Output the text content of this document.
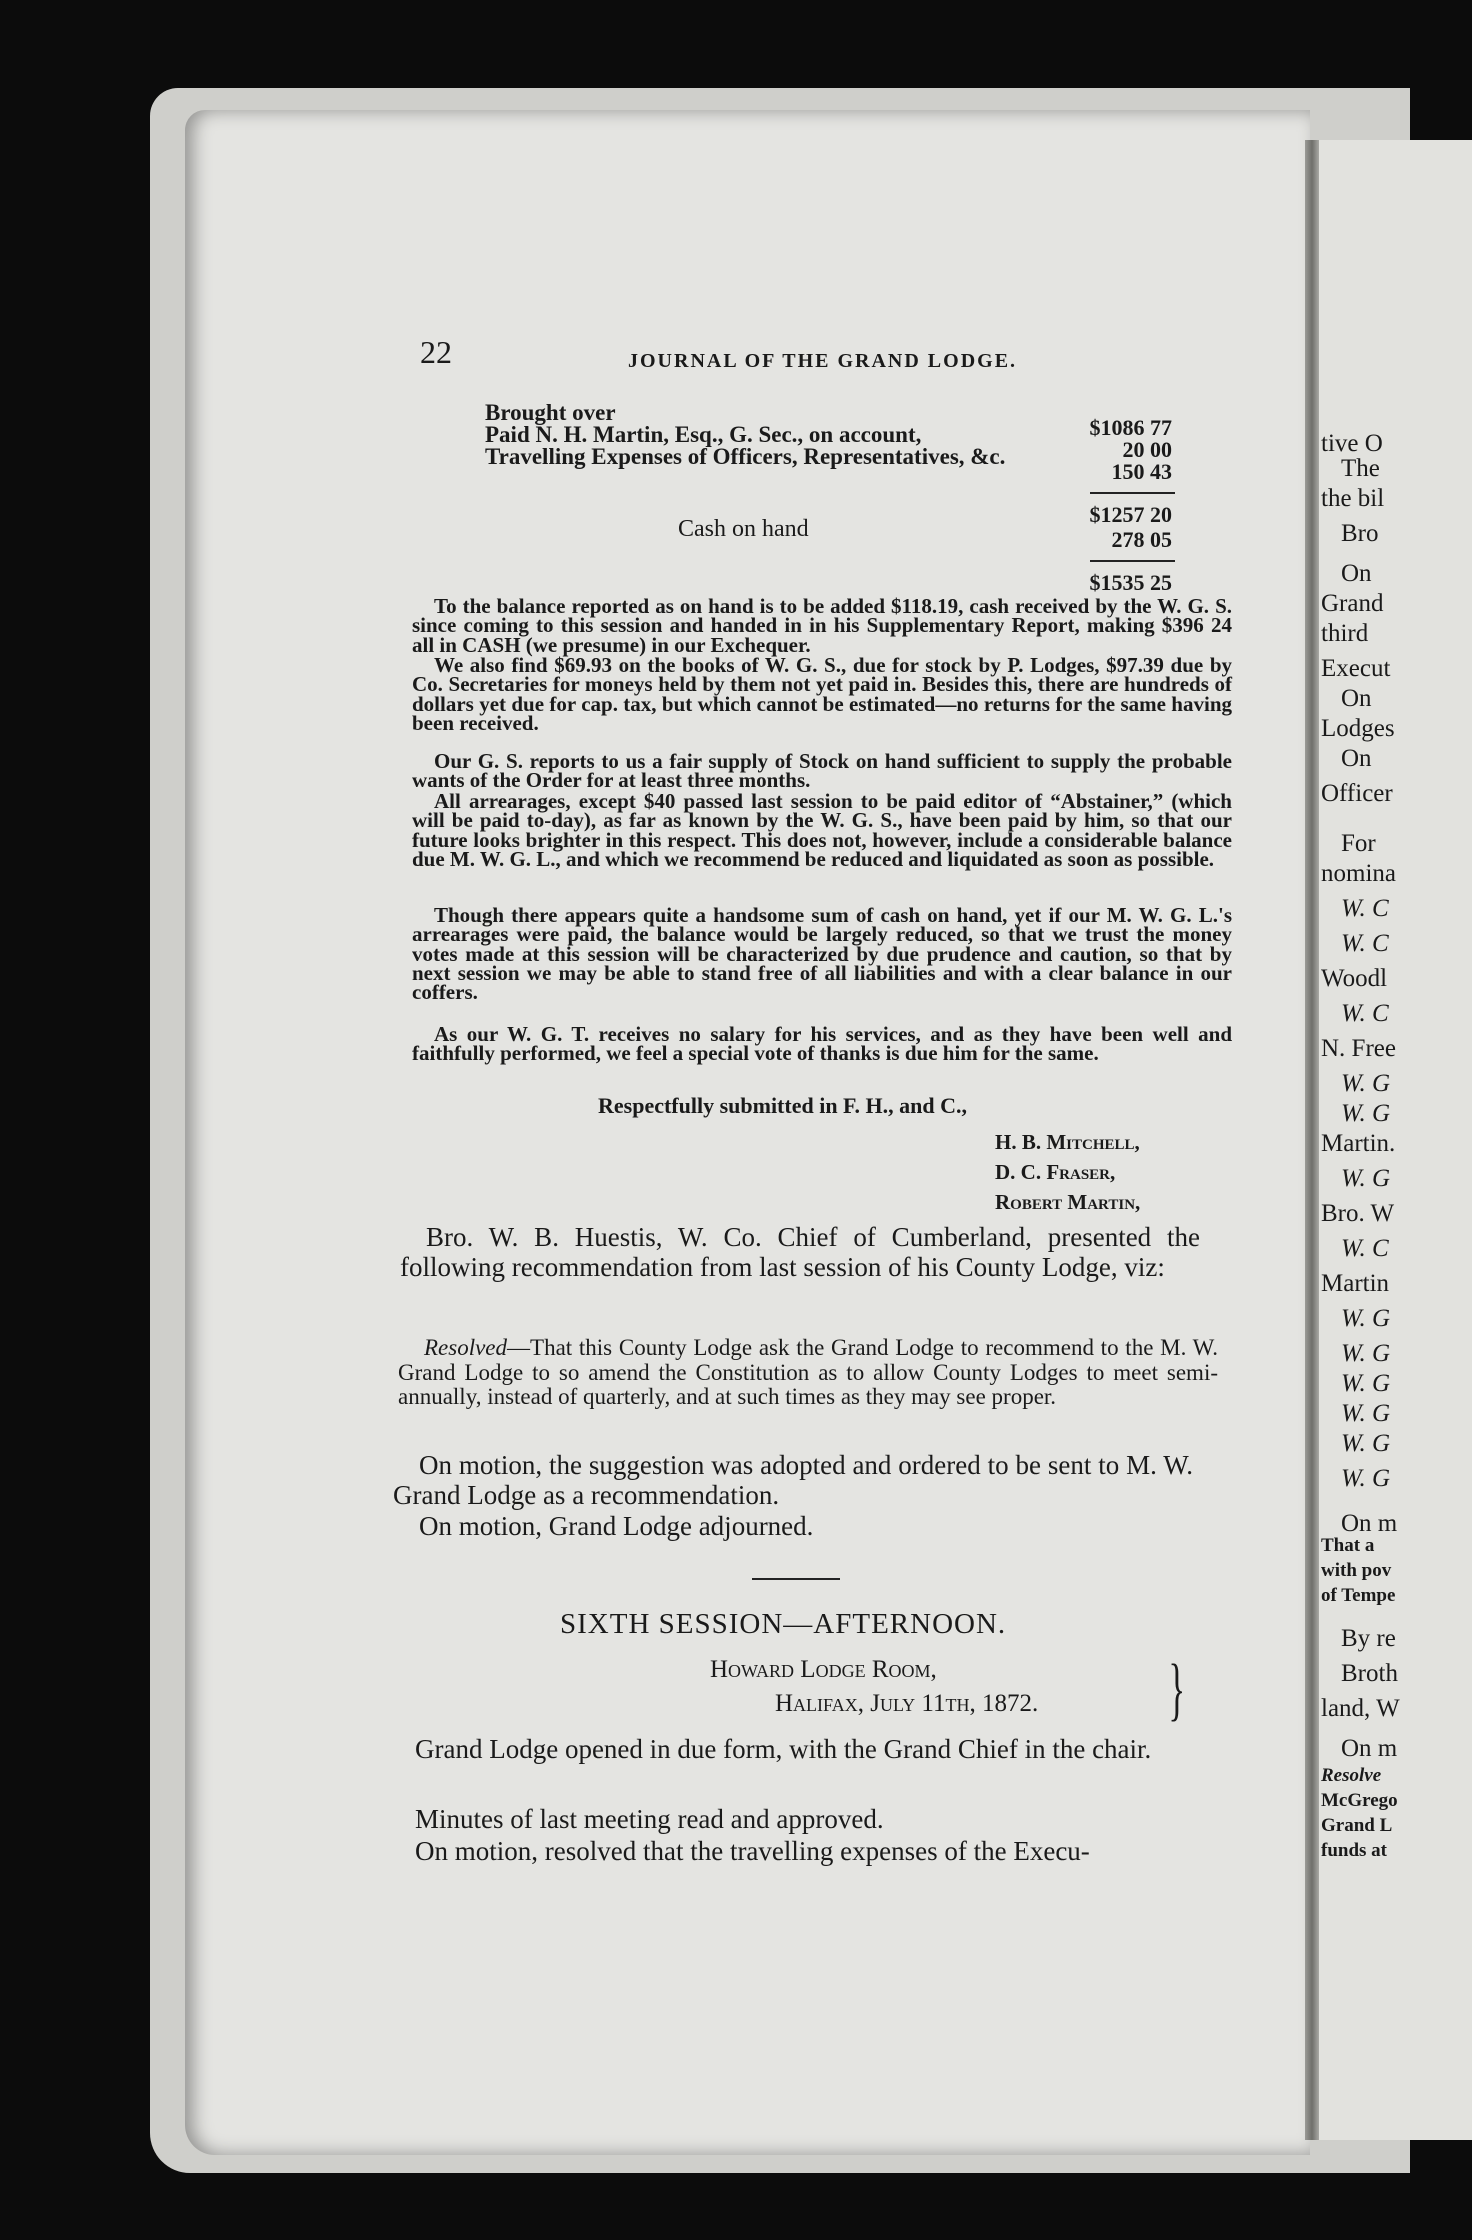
tive O
The
the bil
Bro
On
Grand
third
Execut
On
Lodges
On
Officer
For
nomina
W. C
W. C
Woodl
W. C
N. Free
W. G
W. G
Martin.
W. G
Bro. W
W. C
Martin
W. G
W. G
W. G
W. G
W. G
W. G
On m
That a
with pov
of Tempe
By re
Broth
land, W
On m
Resolve
McGrego
Grand L
funds at
22	JOURNAL OF THE GRAND LODGE.
Brought over
Paid N. H. Martin, Esq., G. Sec., on account,
Travelling Expenses of Officers, Representatives, &c.
$1086 77
20 00
150 43
$1257 20
Cash on hand	278 05
$1535 25
To the balance reported as on hand is to be added $118.19, cash received by the W. G. S. since coming to this session and handed in in his Supplementary Report, making $396 24 all in CASH (we presume) in our Exchequer.
We also find $69.93 on the books of W. G. S., due for stock by P. Lodges, $97.39 due by Co. Secretaries for moneys held by them not yet paid in. Besides this, there are hundreds of dollars yet due for cap. tax, but which cannot be estimated—no returns for the same having been received.
Our G. S. reports to us a fair supply of Stock on hand sufficient to supply the probable wants of the Order for at least three months.
All arrearages, except $40 passed last session to be paid editor of “Abstainer,” (which will be paid to-day), as far as known by the W. G. S., have been paid by him, so that our future looks brighter in this respect. This does not, however, include a considerable balance due M. W. G. L., and which we recommend be reduced and liquidated as soon as possible.
Though there appears quite a handsome sum of cash on hand, yet if our M. W. G. L.'s arrearages were paid, the balance would be largely reduced, so that we trust the money votes made at this session will be characterized by due prudence and caution, so that by next session we may be able to stand free of all liabilities and with a clear balance in our coffers.
As our W. G. T. receives no salary for his services, and as they have been well and faithfully performed, we feel a special vote of thanks is due him for the same.
Respectfully submitted in F. H., and C.,
H. B. Mitchell,
D. C. Fraser,
Robert Martin,
Bro. W. B. Huestis, W. Co. Chief of Cumberland, presented the following recommendation from last session of his County Lodge, viz:
Resolved—That this County Lodge ask the Grand Lodge to recommend to the M. W. Grand Lodge to so amend the Constitution as to allow County Lodges to meet semi-annually, instead of quarterly, and at such times as they may see proper.
On motion, the suggestion was adopted and ordered to be sent to M. W. Grand Lodge as a recommendation.
On motion, Grand Lodge adjourned.
SIXTH SESSION—AFTERNOON.
Howard Lodge Room,
Halifax, July 11th, 1872. }
Grand Lodge opened in due form, with the Grand Chief in the chair.
Minutes of last meeting read and approved.
On motion, resolved that the travelling expenses of the Execu-
